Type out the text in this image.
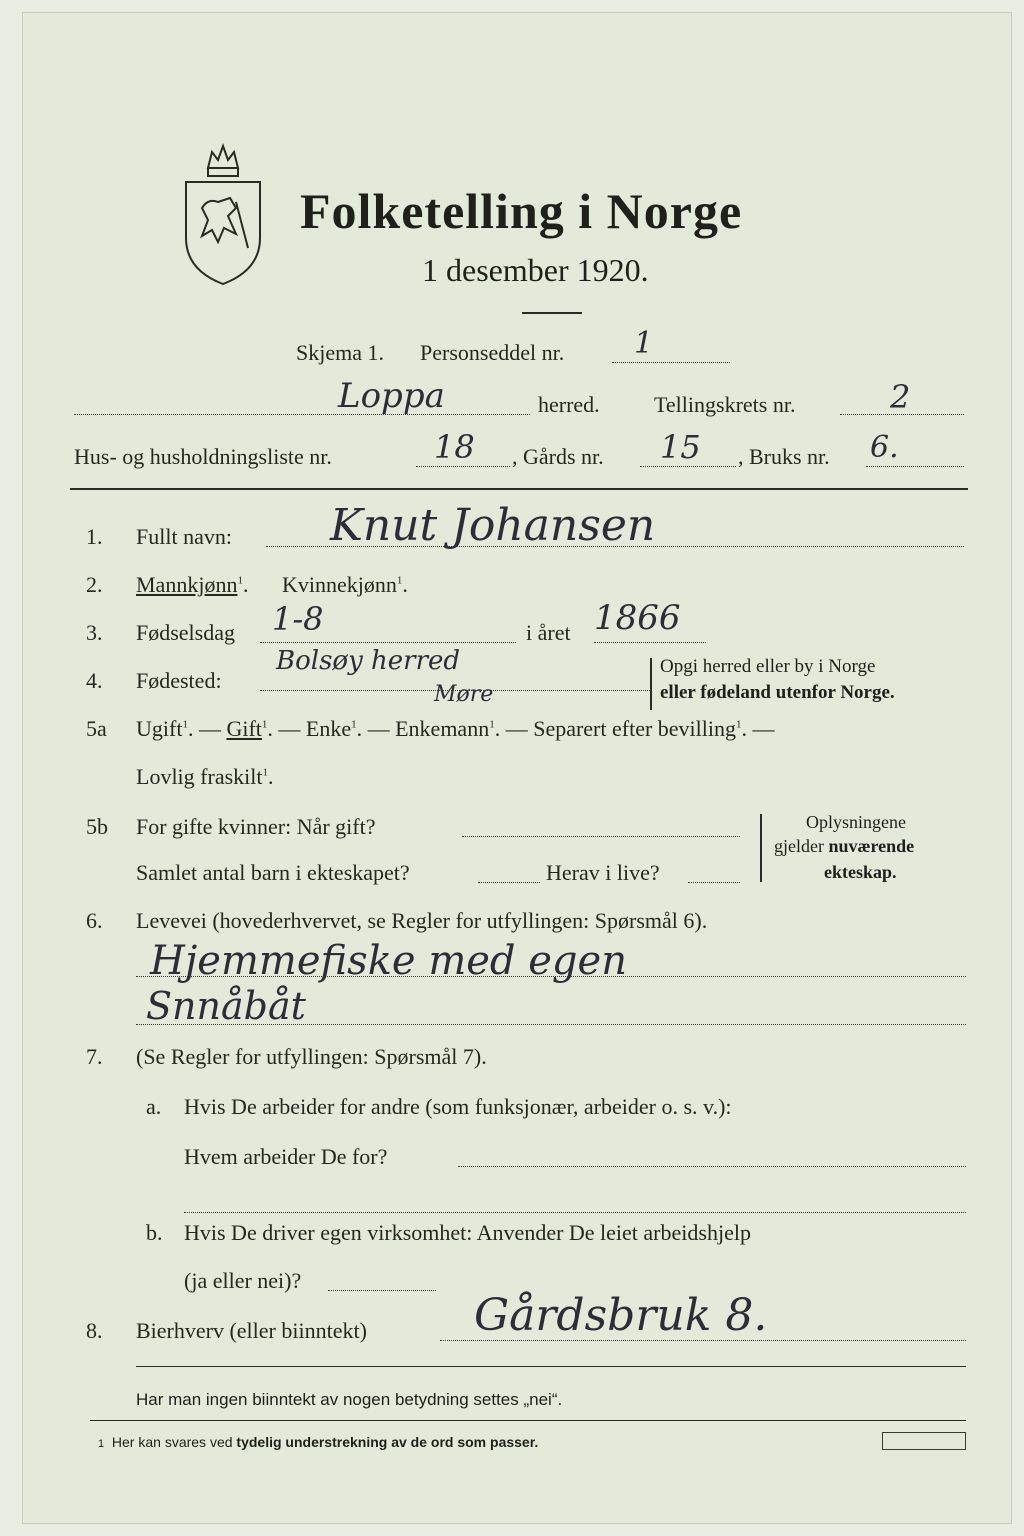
Folketelling i Norge
1 desember 1920.
Skjema 1. Personseddel nr. 1
Loppa	herred. Tellingskrets nr.	2
Hus- og husholdningsliste nr.	18 , Gårds nr. 15 , Bruks nr. 6.
1. Fullt navn: Knut Johansen
2. Mannkjønn$^1$. Kvinnekjønn$^1$.
3. Fødselsdag 1-8	i året 1866
4. Fødested:
Bolsøy herred
Møre
Opgi herred eller by i Norge
eller fødeland utenfor Norge.
5a Ugift$^1$. — Gift$^1$. — Enke$^1$. — Enkemann$^1$. — Separert efter bevilling$^1$. —
Lovlig fraskilt$^1$.
5b For gifte kvinner: Når gift?
Samlet antal barn i ekteskapet?	Herav i live?
Oplysningene
gjelder nuværende
ekteskap.
6. Levevei (hovederhvervet, se Regler for utfyllingen: Spørsmål 6).
Hjemmefiske med egen
Snnåbåt
7. (Se Regler for utfyllingen: Spørsmål 7).
a. Hvis De arbeider for andre (som funksjonær, arbeider o. s. v.):
Hvem arbeider De for?
b. Hvis De driver egen virksomhet: Anvender De leiet arbeidshjelp
(ja eller nei)?
8. Bierhverv (eller biinntekt) Gårdsbruk 8.
Har man ingen biinntekt av nogen betydning settes „nei“.
1 Her kan svares ved tydelig understrekning av de ord som passer.
